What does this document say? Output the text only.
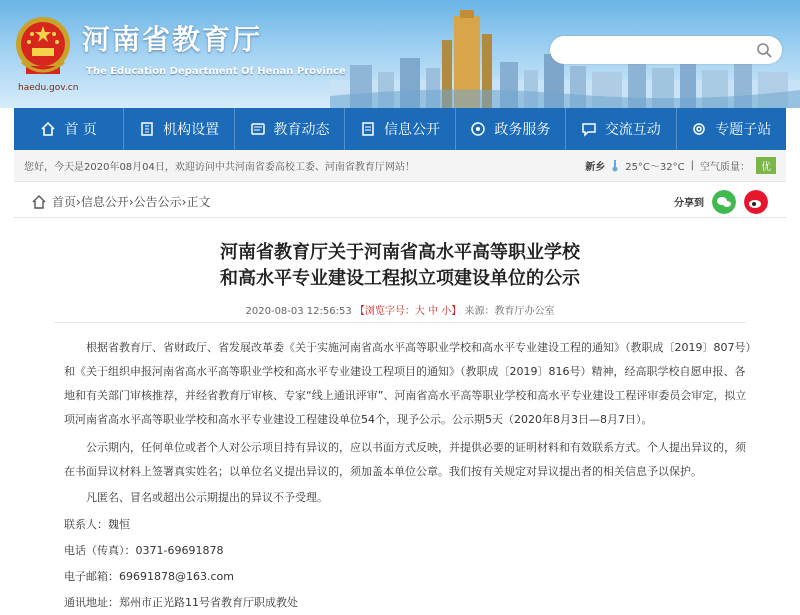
haedu.gov.cn
河南省教育厅
The Education Department Of Henan Province
首 页	机构设置	教育动态	信息公开	政务服务	交流互动	专题子站
您好，今天是2020年08月04日，欢迎访问中共河南省委高校工委、河南省教育厅网站！	新乡 25°C～32°C | 空气质量：	优
首页 › 信息公开 › 公告公示 › 正文	分享到
河南省教育厅关于河南省高水平高等职业学校
和高水平专业建设工程拟立项建设单位的公示
2020-08-03 12:56:53 【浏览字号：大 中 小】 来源：教育厅办公室
根据省教育厅、省财政厅、省发展改革委《关于实施河南省高水平高等职业学校和高水平专业建设工程的通知》（教职成〔2019〕807号）和《关于组织申报河南省高水平高等职业学校和高水平专业建设工程项目的通知》（教职成〔2019〕816号）精神，经高职学校自愿申报、各地和有关部门审核推荐，并经省教育厅审核、专家“线上通讯评审”、河南省高水平高等职业学校和高水平专业建设工程评审委员会审定，拟立项河南省高水平高等职业学校和高水平专业建设工程建设单位54个，现予公示。公示期5天（2020年8月3日—8月7日）。
公示期内，任何单位或者个人对公示项目持有异议的，应以书面方式反映，并提供必要的证明材料和有效联系方式。个人提出异议的，须在书面异议材料上签署真实姓名；以单位名义提出异议的，须加盖本单位公章。我们按有关规定对异议提出者的相关信息予以保护。
凡匿名、冒名或超出公示期提出的异议不予受理。
联系人：魏恒
电话（传真）：0371-69691878
电子邮箱：69691878@163.com
通讯地址：郑州市正光路11号省教育厅职成教处
